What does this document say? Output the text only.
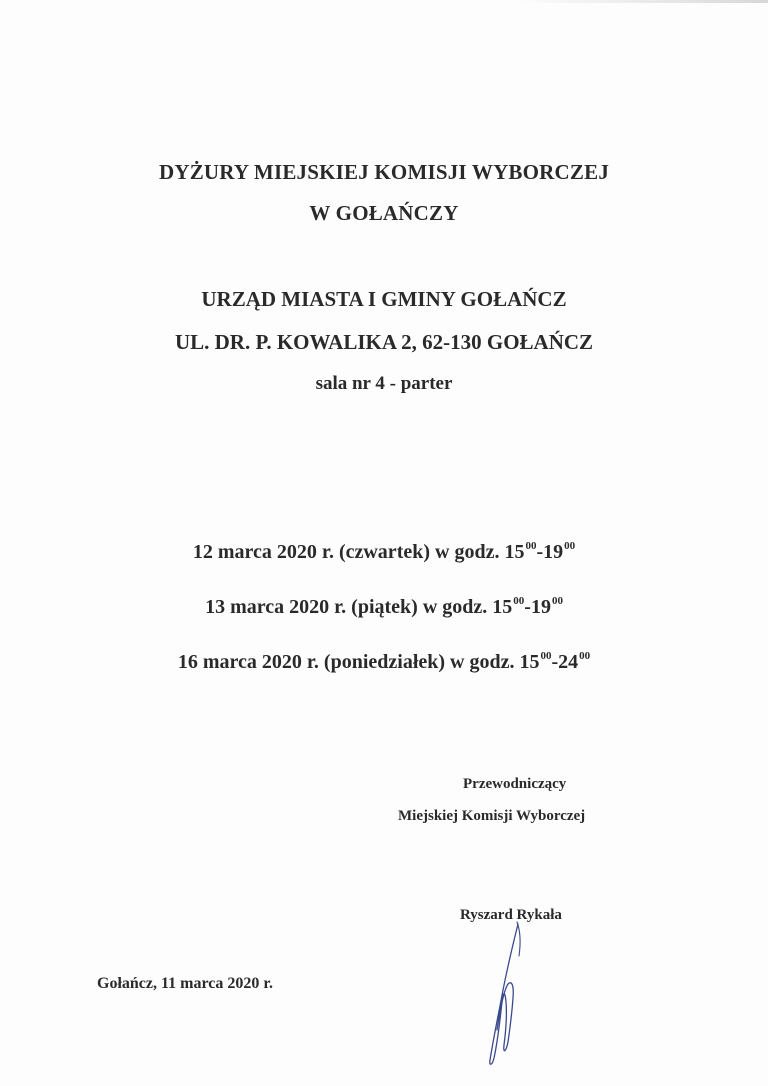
DYŻURY MIEJSKIEJ KOMISJI WYBORCZEJ
W GOŁAŃCZY
URZĄD MIASTA I GMINY GOŁAŃCZ
UL. DR. P. KOWALIKA 2, 62-130 GOŁAŃCZ
sala nr 4 - parter
12 marca 2020 r. (czwartek) w godz. $15^{00}-19^{00}$
13 marca 2020 r. (piątek) w godz. $15^{00}-19^{00}$
16 marca 2020 r. (poniedziałek) w godz. $15^{00}-24^{00}$
Przewodniczący
Miejskiej Komisji Wyborczej
Ryszard Rykała
Gołańcz, 11 marca 2020 r.
